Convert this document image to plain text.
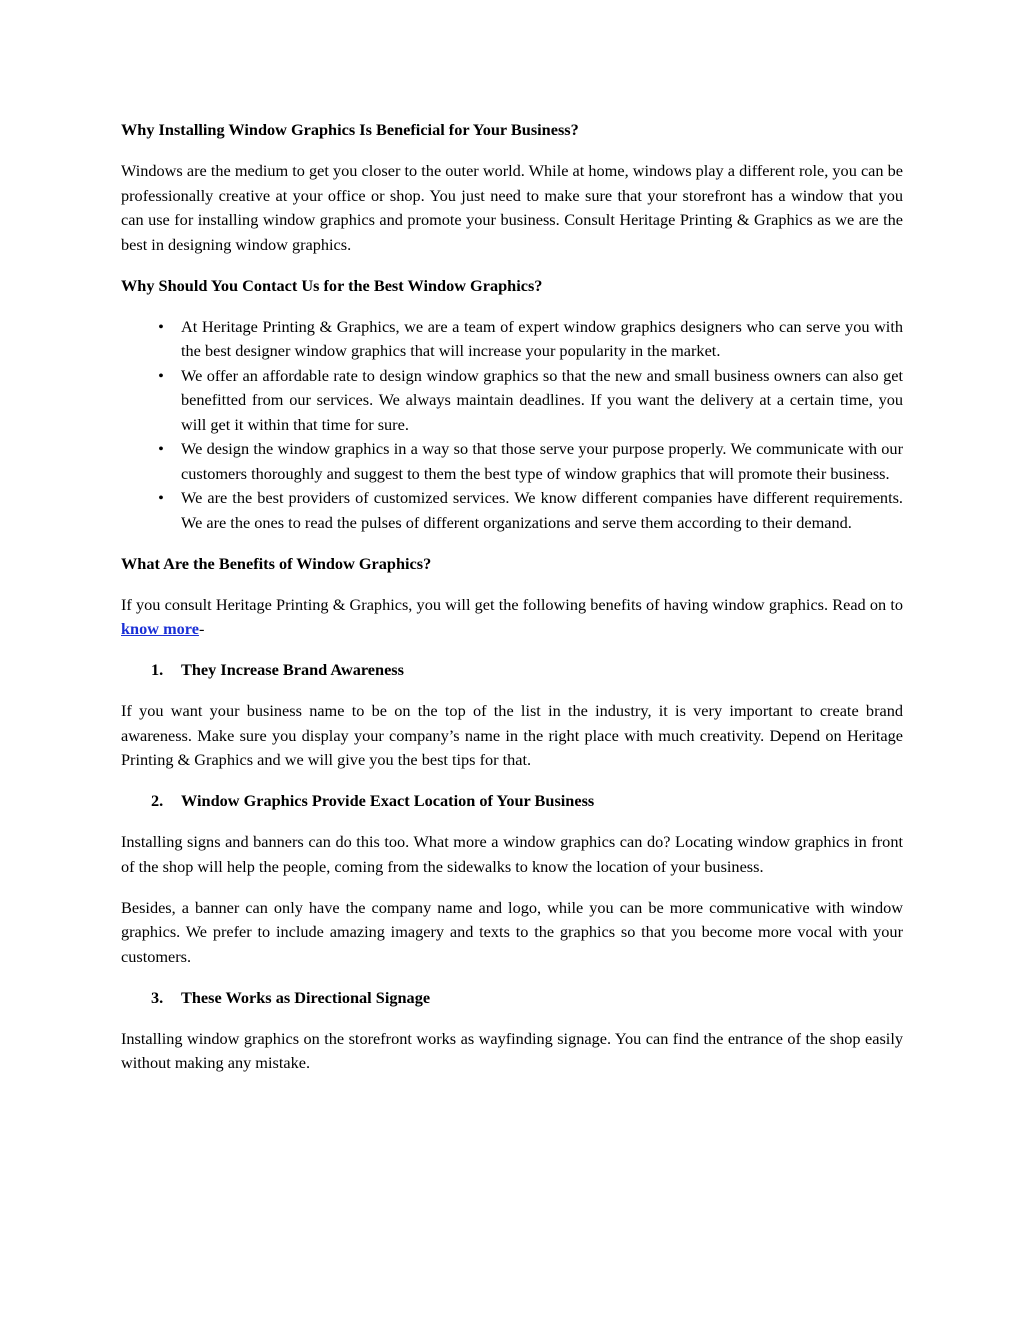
Why Installing Window Graphics Is Beneficial for Your Business?
Windows are the medium to get you closer to the outer world. While at home, windows play a different role, you can be professionally creative at your office or shop. You just need to make sure that your storefront has a window that you can use for installing window graphics and promote your business. Consult Heritage Printing & Graphics as we are the best in designing window graphics.
Why Should You Contact Us for the Best Window Graphics?
•	At Heritage Printing & Graphics, we are a team of expert window graphics designers who can serve you with the best designer window graphics that will increase your popularity in the market.
•	We offer an affordable rate to design window graphics so that the new and small business owners can also get benefitted from our services. We always maintain deadlines. If you want the delivery at a certain time, you will get it within that time for sure.
•	We design the window graphics in a way so that those serve your purpose properly. We communicate with our customers thoroughly and suggest to them the best type of window graphics that will promote their business.
•	We are the best providers of customized services. We know different companies have different requirements. We are the ones to read the pulses of different organizations and serve them according to their demand.
What Are the Benefits of Window Graphics?
If you consult Heritage Printing & Graphics, you will get the following benefits of having window graphics. Read on to know more-
1. They Increase Brand Awareness
If you want your business name to be on the top of the list in the industry, it is very important to create brand awareness. Make sure you display your company’s name in the right place with much creativity. Depend on Heritage Printing & Graphics and we will give you the best tips for that.
2. Window Graphics Provide Exact Location of Your Business
Installing signs and banners can do this too. What more a window graphics can do? Locating window graphics in front of the shop will help the people, coming from the sidewalks to know the location of your business.
Besides, a banner can only have the company name and logo, while you can be more communicative with window graphics. We prefer to include amazing imagery and texts to the graphics so that you become more vocal with your customers.
3. These Works as Directional Signage
Installing window graphics on the storefront works as wayfinding signage. You can find the entrance of the shop easily without making any mistake.
